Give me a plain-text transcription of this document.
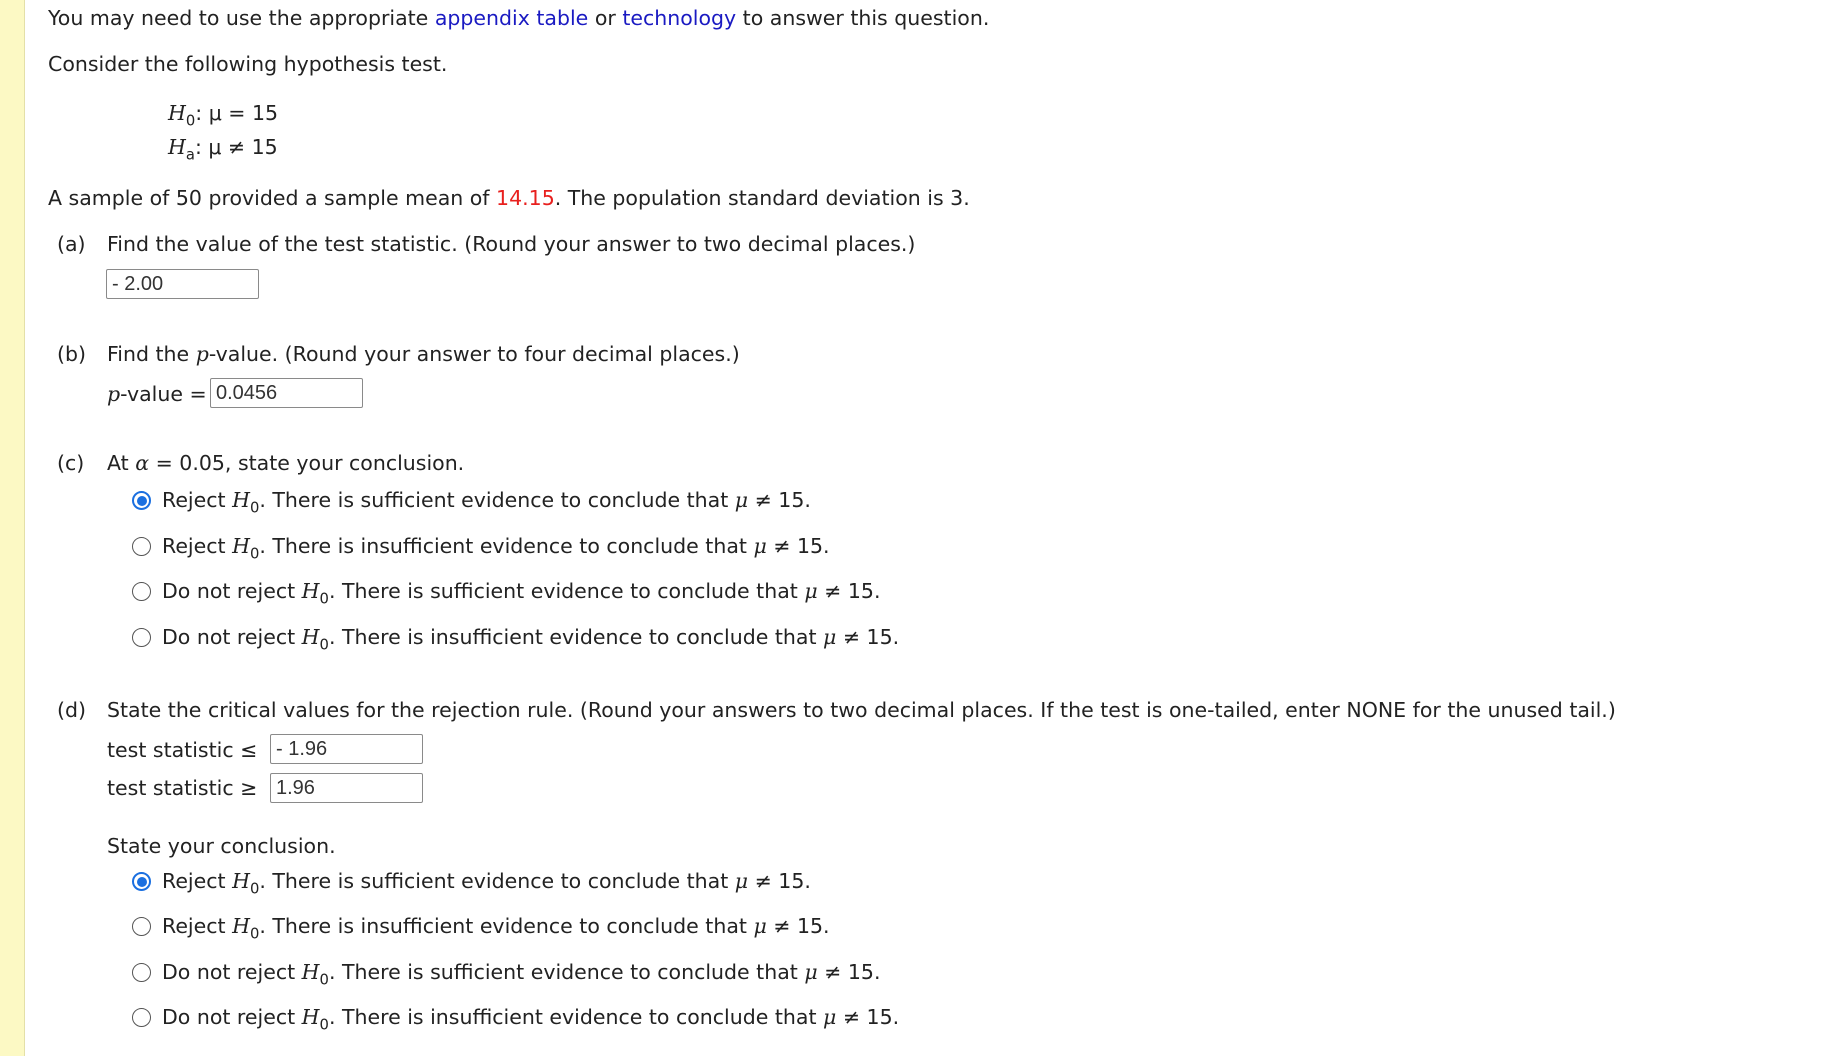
You may need to use the appropriate appendix table or technology to answer this question.
Consider the following hypothesis test.
$H_0$: μ = 15
$H_a$: μ ≠ 15
A sample of 50 provided a sample mean of 14.15. The population standard deviation is 3.
(a) Find the value of the test statistic. (Round your answer to two decimal places.)
- 2.00
(b) Find the p-value. (Round your answer to four decimal places.)
p-value = 0.0456
(c) At α = 0.05, state your conclusion.
Reject $H_0$. There is sufficient evidence to conclude that μ ≠ 15.
Reject $H_0$. There is insufficient evidence to conclude that μ ≠ 15.
Do not reject $H_0$. There is sufficient evidence to conclude that μ ≠ 15.
Do not reject $H_0$. There is insufficient evidence to conclude that μ ≠ 15.
(d) State the critical values for the rejection rule. (Round your answers to two decimal places. If the test is one-tailed, enter NONE for the unused tail.)
test statistic ≤ - 1.96
test statistic ≥ 1.96
State your conclusion.
Reject $H_0$. There is sufficient evidence to conclude that μ ≠ 15.
Reject $H_0$. There is insufficient evidence to conclude that μ ≠ 15.
Do not reject $H_0$. There is sufficient evidence to conclude that μ ≠ 15.
Do not reject $H_0$. There is insufficient evidence to conclude that μ ≠ 15.
